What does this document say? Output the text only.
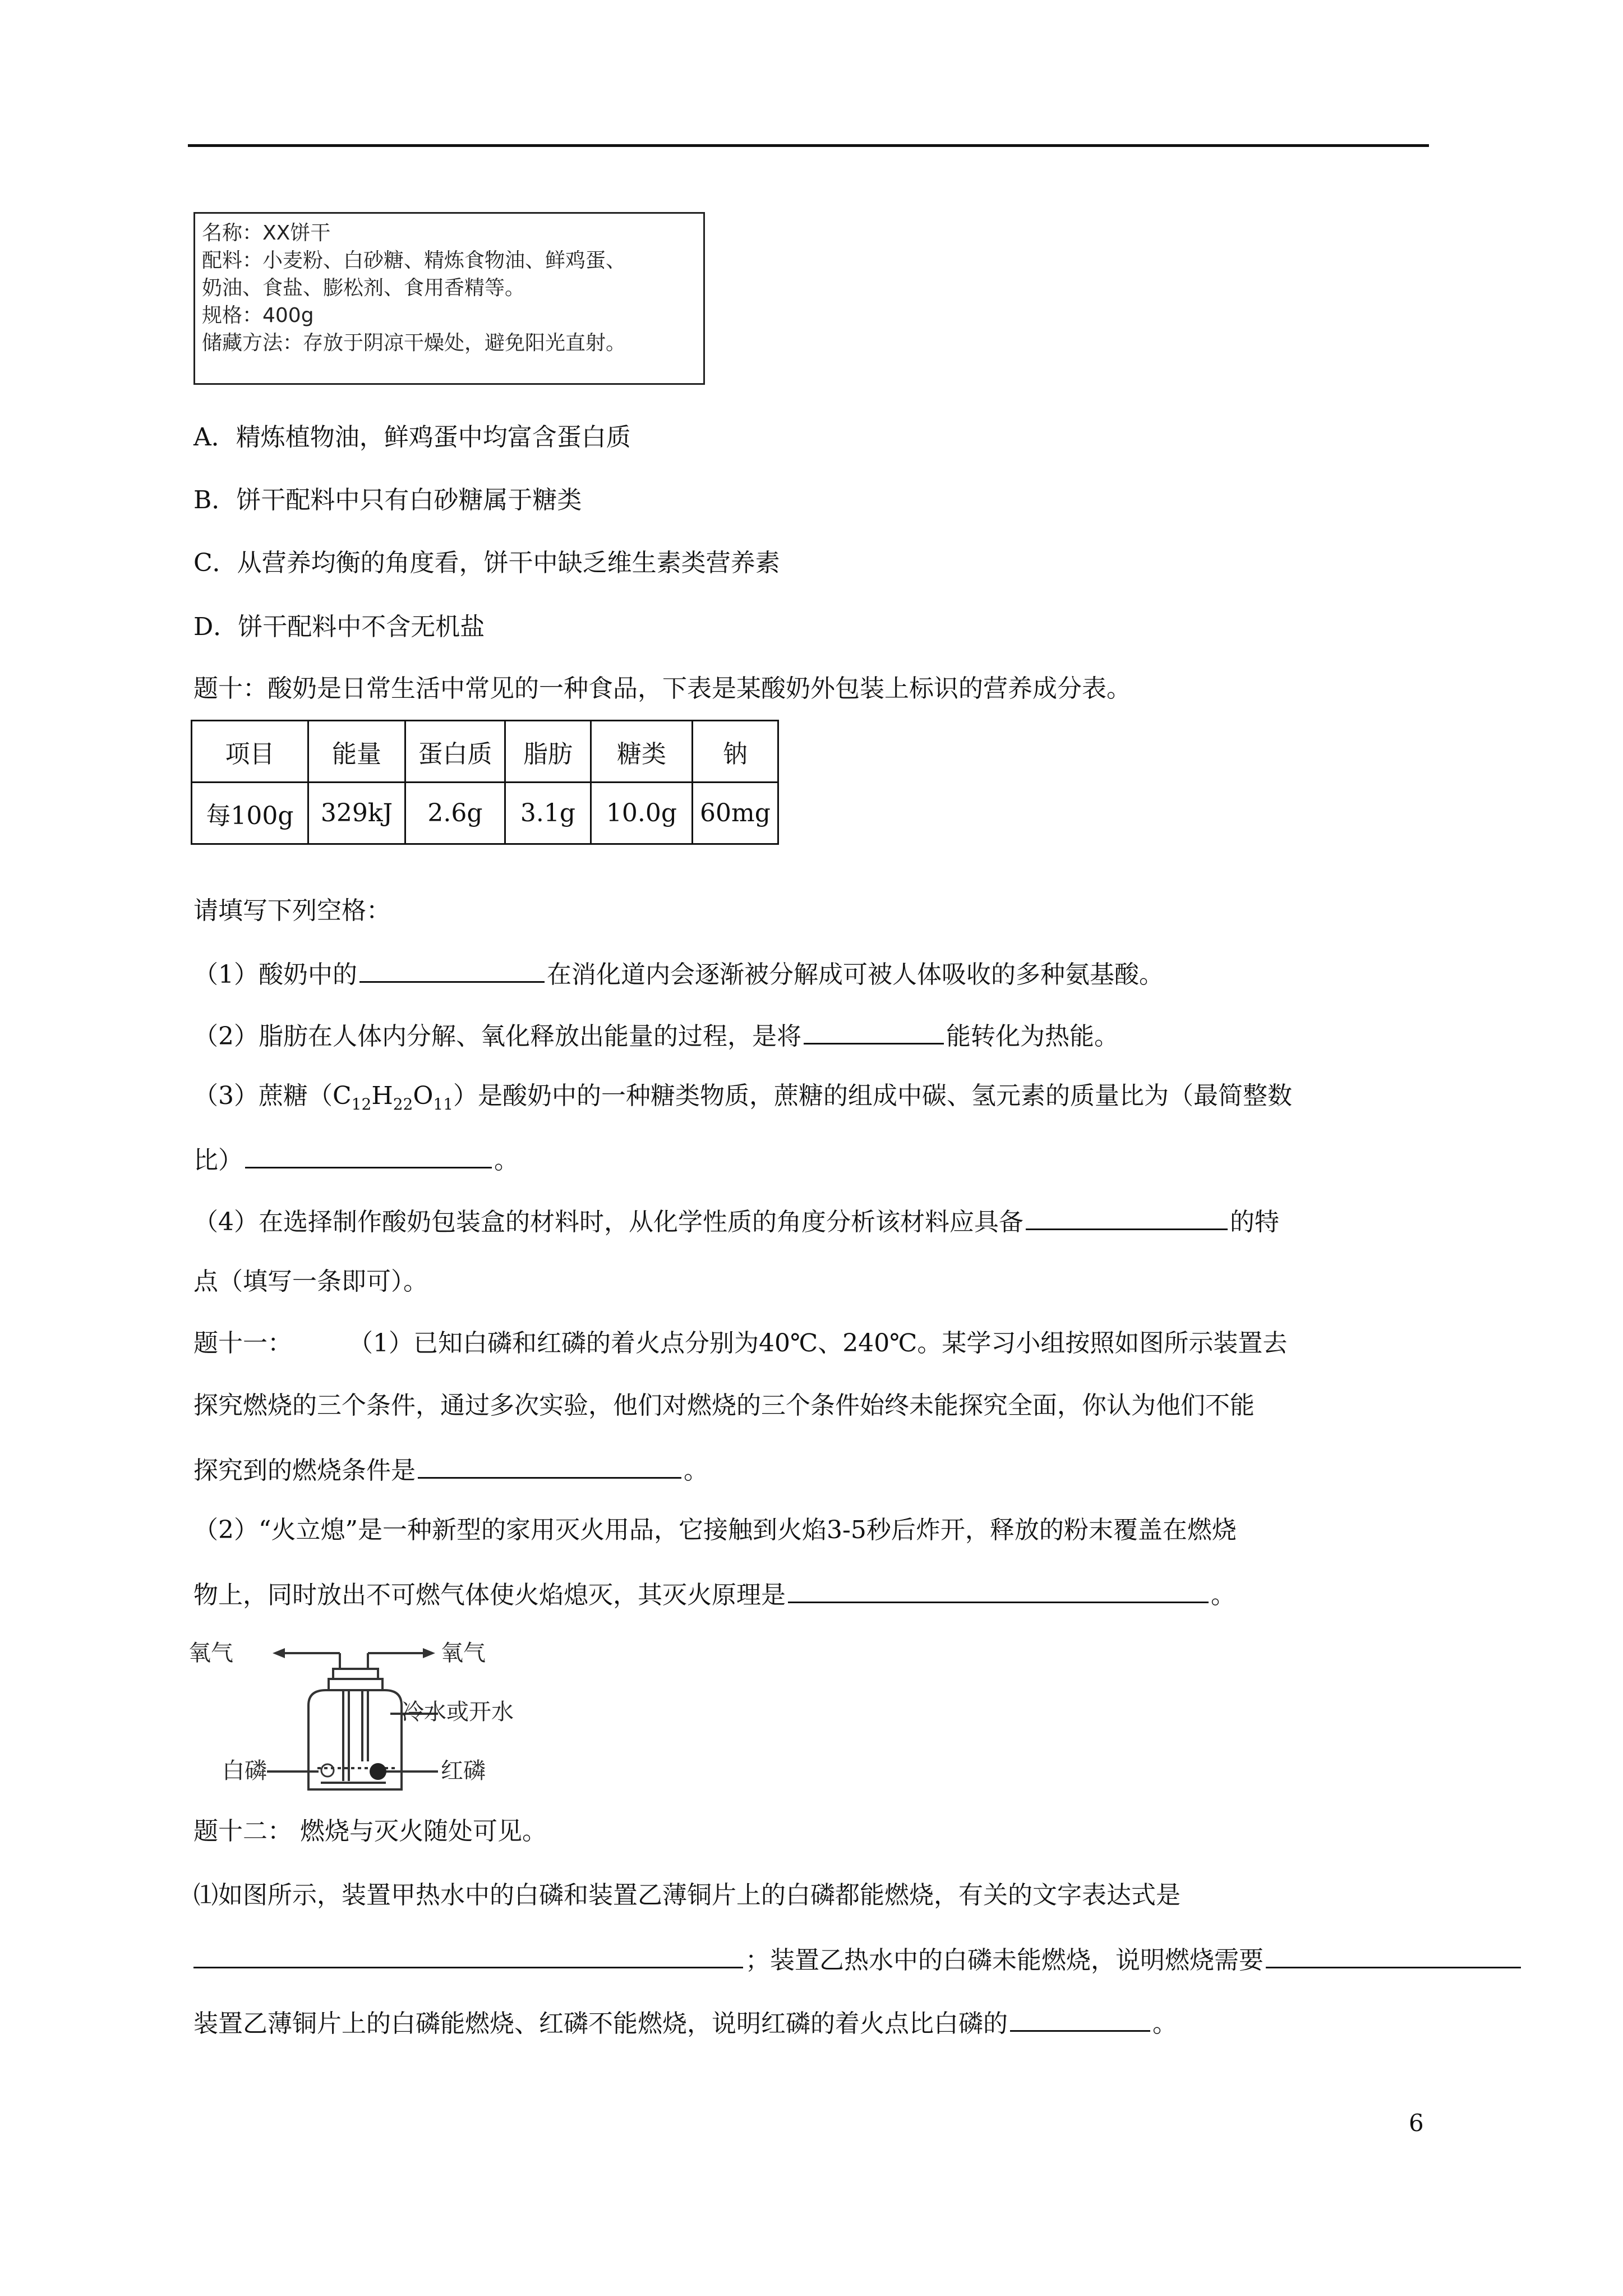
名称：XX饼干
配料：小麦粉、白砂糖、精炼食物油、鲜鸡蛋、
奶油、食盐、膨松剂、食用香精等。
规格：400g
储藏方法：存放于阴凉干燥处，避免阳光直射。
A．精炼植物油，鲜鸡蛋中均富含蛋白质
B．饼干配料中只有白砂糖属于糖类
C．从营养均衡的角度看，饼干中缺乏维生素类营养素
D．饼干配料中不含无机盐
题十：酸奶是日常生活中常见的一种食品，下表是某酸奶外包装上标识的营养成分表。
项目	能量	蛋白质	脂肪	糖类	钠
每100g	329kJ	2.6g	3.1g	10.0g	60mg
请填写下列空格：
（1）酸奶中的	在消化道内会逐渐被分解成可被人体吸收的多种氨基酸。
（2）脂肪在人体内分解、氧化释放出能量的过程，是将	能转化为热能。
（3）蔗糖$(C_{12}H_{22}O_{11})$是酸奶中的一种糖类物质，蔗糖的组成中碳、氢元素的质量比为（最简整数
比）	。
（4）在选择制作酸奶包装盒的材料时，从化学性质的角度分析该材料应具备	的特
点（填写一条即可）。
题十一： （1）已知白磷和红磷的着火点分别为40℃、240℃。某学习小组按照如图所示装置去
探究燃烧的三个条件，通过多次实验，他们对燃烧的三个条件始终未能探究全面，你认为他们不能
探究到的燃烧条件是	。
（2）“火立熄”是一种新型的家用灭火用品，它接触到火焰3-5秒后炸开，释放的粉末覆盖在燃烧
物上，同时放出不可燃气体使火焰熄灭，其灭火原理是	。
氧气	氧气
冷水或开水
白磷	红磷
题十二： 燃烧与灭火随处可见。
⑴如图所示，装置甲热水中的白磷和装置乙薄铜片上的白磷都能燃烧，有关的文字表达式是
；装置乙热水中的白磷未能燃烧，说明燃烧需要
装置乙薄铜片上的白磷能燃烧、红磷不能燃烧，说明红磷的着火点比白磷的	。
6
